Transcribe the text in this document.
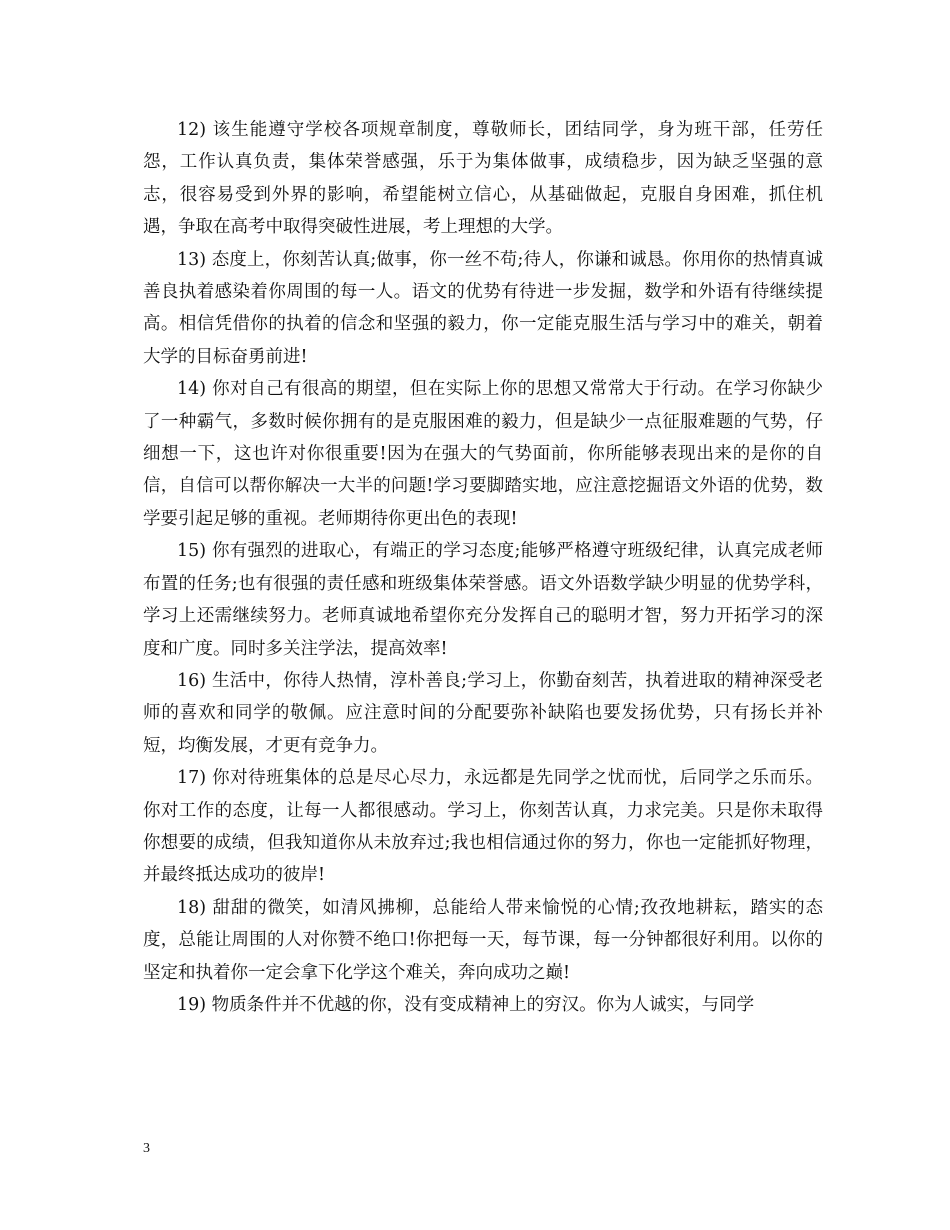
12) 该生能遵守学校各项规章制度，尊敬师长，团结同学，身为班干部，任劳任怨，工作认真负责，集体荣誉感强，乐于为集体做事，成绩稳步，因为缺乏坚强的意志，很容易受到外界的影响，希望能树立信心，从基础做起，克服自身困难，抓住机遇，争取在高考中取得突破性进展，考上理想的大学。

13) 态度上，你刻苦认真;做事，你一丝不苟;待人，你谦和诚恳。你用你的热情真诚善良执着感染着你周围的每一人。语文的优势有待进一步发掘，数学和外语有待继续提高。相信凭借你的执着的信念和坚强的毅力，你一定能克服生活与学习中的难关，朝着大学的目标奋勇前进!

14) 你对自己有很高的期望，但在实际上你的思想又常常大于行动。在学习你缺少了一种霸气，多数时候你拥有的是克服困难的毅力，但是缺少一点征服难题的气势，仔细想一下，这也许对你很重要!因为在强大的气势面前，你所能够表现出来的是你的自信，自信可以帮你解决一大半的问题!学习要脚踏实地，应注意挖掘语文外语的优势，数学要引起足够的重视。老师期待你更出色的表现!

15) 你有强烈的进取心，有端正的学习态度;能够严格遵守班级纪律，认真完成老师布置的任务;也有很强的责任感和班级集体荣誉感。语文外语数学缺少明显的优势学科，学习上还需继续努力。老师真诚地希望你充分发挥自己的聪明才智，努力开拓学习的深度和广度。同时多关注学法，提高效率!

16) 生活中，你待人热情，淳朴善良;学习上，你勤奋刻苦，执着进取的精神深受老师的喜欢和同学的敬佩。应注意时间的分配要弥补缺陷也要发扬优势，只有扬长并补短，均衡发展，才更有竞争力。

17) 你对待班集体的总是尽心尽力，永远都是先同学之忧而忧，后同学之乐而乐。你对工作的态度，让每一人都很感动。学习上，你刻苦认真，力求完美。只是你未取得你想要的成绩，但我知道你从未放弃过;我也相信通过你的努力，你也一定能抓好物理，并最终抵达成功的彼岸!

18) 甜甜的微笑，如清风拂柳，总能给人带来愉悦的心情;孜孜地耕耘，踏实的态度，总能让周围的人对你赞不绝口!你把每一天，每节课，每一分钟都很好利用。以你的坚定和执着你一定会拿下化学这个难关，奔向成功之巅!

19) 物质条件并不优越的你，没有变成精神上的穷汉。你为人诚实，与同学

3
